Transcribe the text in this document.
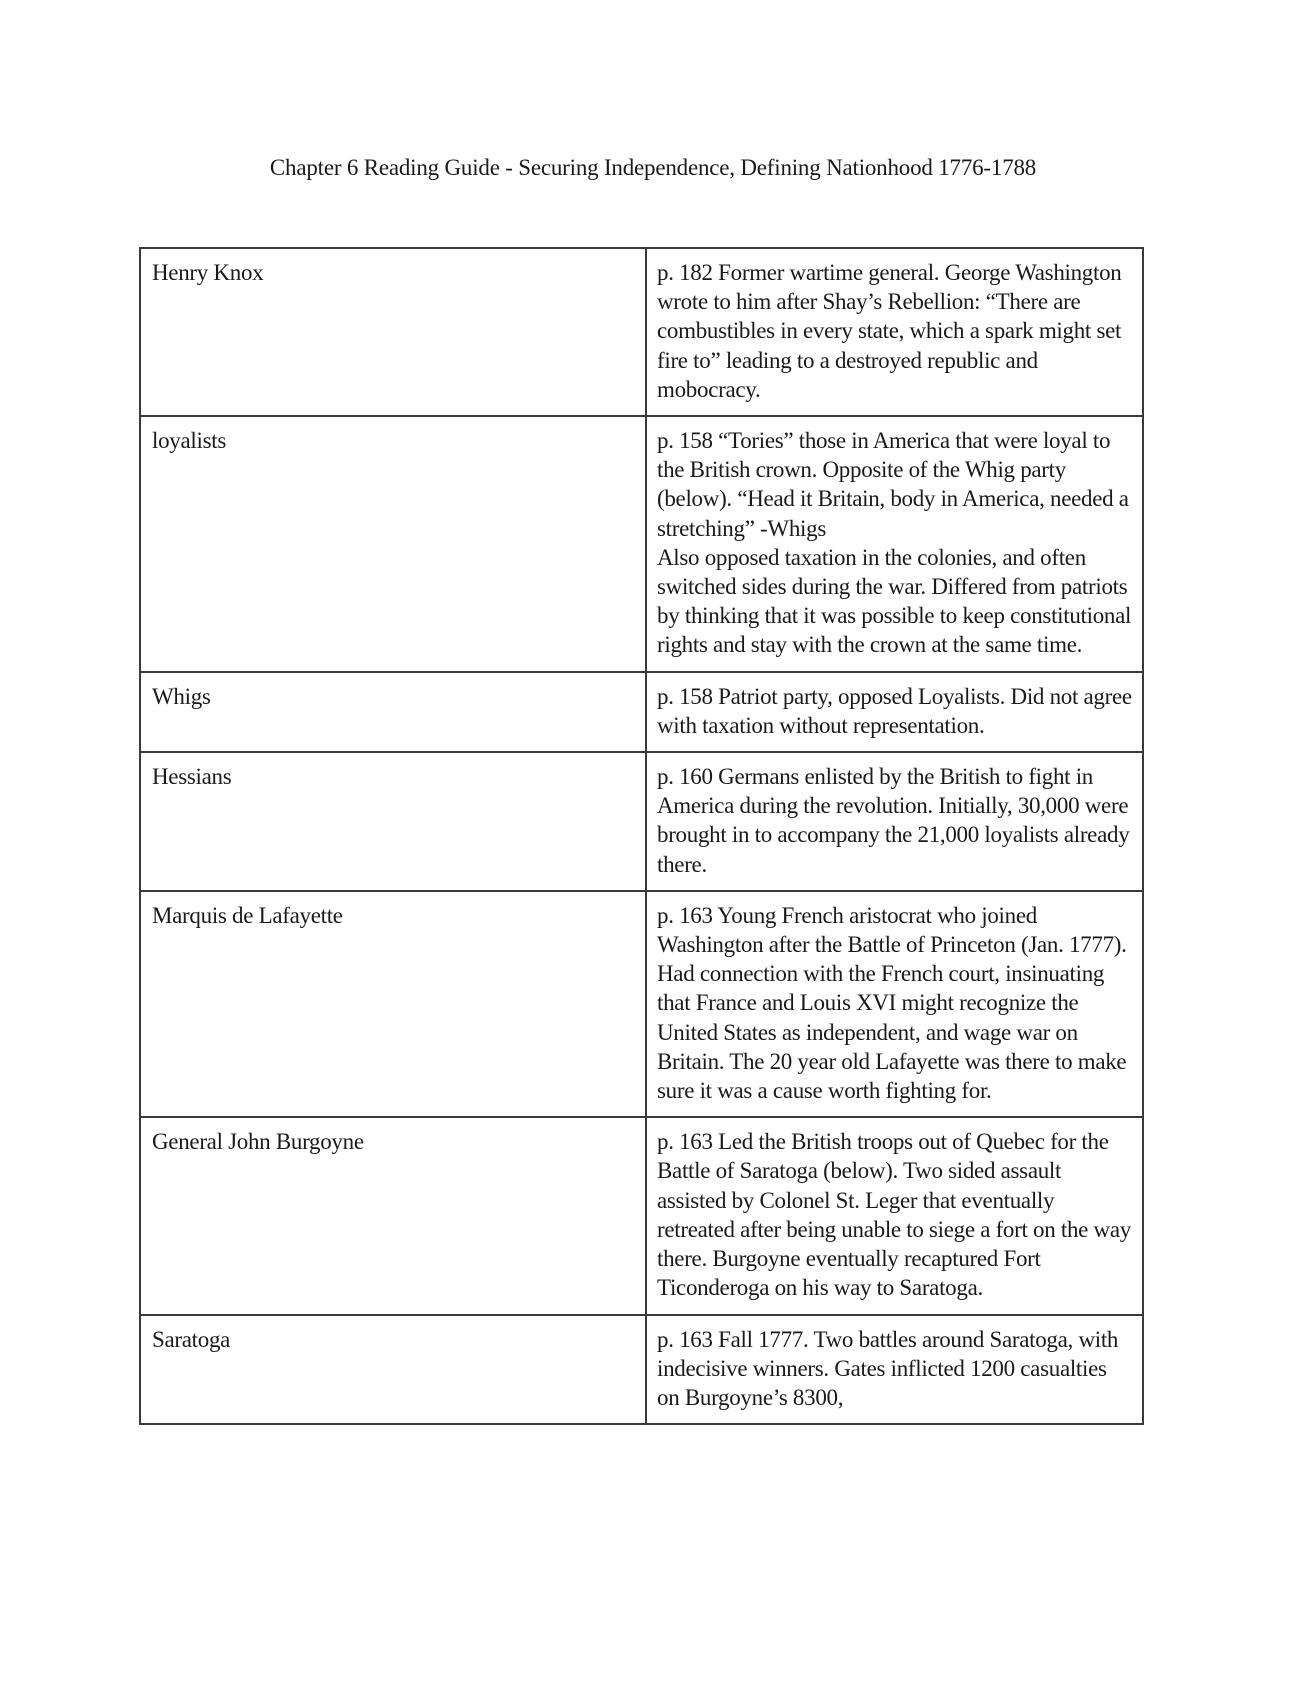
Chapter 6 Reading Guide - Securing Independence, Defining Nationhood 1776-1788
Henry Knox	p. 182 Former wartime general. George Washington wrote to him after Shay’s Rebellion: “There are combustibles in every state, which a spark might set fire to” leading to a destroyed republic and mobocracy.
loyalists	p. 158 “Tories” those in America that were loyal to the British crown. Opposite of the Whig party (below). “Head it Britain, body in America, needed a stretching” -Whigs
Also opposed taxation in the colonies, and often switched sides during the war. Differed from patriots by thinking that it was possible to keep constitutional rights and stay with the crown at the same time.
Whigs	p. 158 Patriot party, opposed Loyalists. Did not agree with taxation without representation.
Hessians	p. 160 Germans enlisted by the British to fight in America during the revolution. Initially, 30,000 were brought in to accompany the 21,000 loyalists already there.
Marquis de Lafayette	p. 163 Young French aristocrat who joined Washington after the Battle of Princeton (Jan. 1777). Had connection with the French court, insinuating that France and Louis XVI might recognize the United States as independent, and wage war on Britain. The 20 year old Lafayette was there to make sure it was a cause worth fighting for.
General John Burgoyne	p. 163 Led the British troops out of Quebec for the Battle of Saratoga (below). Two sided assault assisted by Colonel St. Leger that eventually retreated after being unable to siege a fort on the way there. Burgoyne eventually recaptured Fort Ticonderoga on his way to Saratoga.
Saratoga	p. 163 Fall 1777. Two battles around Saratoga, with indecisive winners. Gates inflicted 1200 casualties on Burgoyne’s 8300,
